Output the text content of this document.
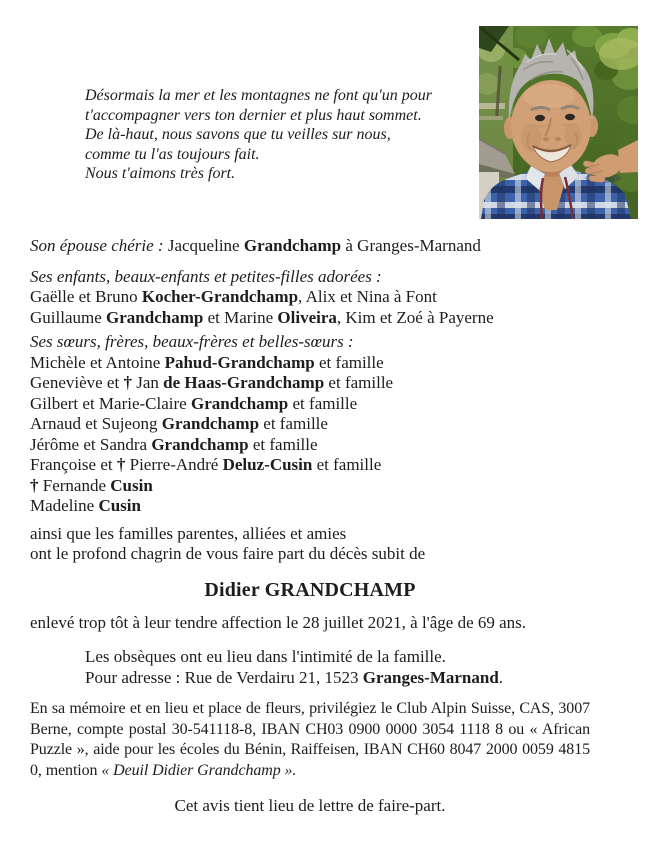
Désormais la mer et les montagnes ne font qu'un pour
t'accompagner vers ton dernier et plus haut sommet.
De là-haut, nous savons que tu veilles sur nous,
comme tu l'as toujours fait.
Nous t'aimons très fort.
Son épouse chérie : Jacqueline Grandchamp à Granges-Marnand
Ses enfants, beaux-enfants et petites-filles adorées :
Gaëlle et Bruno Kocher-Grandchamp, Alix et Nina à Font
Guillaume Grandchamp et Marine Oliveira, Kim et Zoé à Payerne
Ses sœurs, frères, beaux-frères et belles-sœurs :
Michèle et Antoine Pahud-Grandchamp et famille
Geneviève et † Jan de Haas-Grandchamp et famille
Gilbert et Marie-Claire Grandchamp et famille
Arnaud et Sujeong Grandchamp et famille
Jérôme et Sandra Grandchamp et famille
Françoise et † Pierre-André Deluz-Cusin et famille
† Fernande Cusin
Madeline Cusin
ainsi que les familles parentes, alliées et amies
ont le profond chagrin de vous faire part du décès subit de
Didier GRANDCHAMP
enlevé trop tôt à leur tendre affection le 28 juillet 2021, à l'âge de 69 ans.
Les obsèques ont eu lieu dans l'intimité de la famille.
Pour adresse : Rue de Verdairu 21, 1523 Granges-Marnand.
En sa mémoire et en lieu et place de fleurs, privilégiez le Club Alpin Suisse, CAS, 3007
Berne, compte postal 30-541118-8, IBAN CH03 0900 0000 3054 1118 8 ou « African
Puzzle », aide pour les écoles du Bénin, Raiffeisen, IBAN CH60 8047 2000 0059 4815
0, mention « Deuil Didier Grandchamp ».
Cet avis tient lieu de lettre de faire-part.
